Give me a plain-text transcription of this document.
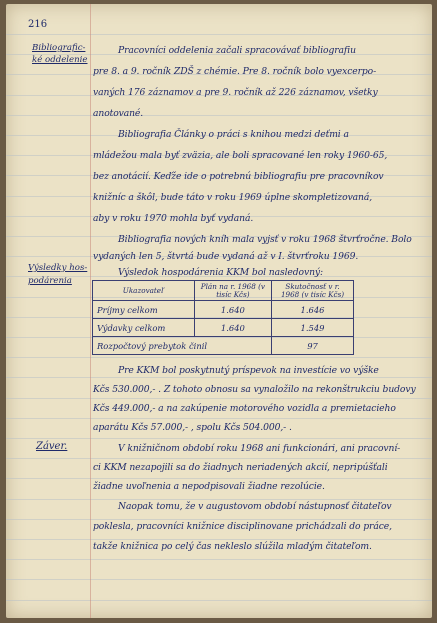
216
Bibliografic-
ké oddelenie
Pracovníci oddelenia začali spracovávať bibliografiu
pre 8. a 9. ročník ZDŠ z chémie. Pre 8. ročník bolo vyexcerpo-
vaných 176 záznamov a pre 9. ročník až 226 záznamov, všetky
anotované.
Bibliografia Články o práci s knihou medzi deťmi a
mládežou mala byť zväzia, ale boli spracované len roky 1960-65,
bez anotácií. Keďže ide o potrebnú bibliografiu pre pracovníkov
knižníc a škôl, bude táto v roku 1969 úplne skompletizovaná,
aby v roku 1970 mohla byť vydaná.
Bibliografia nových kníh mala vyjsť v roku 1968 štvrťročne. Bolo
vydaných len 5, štvrtá bude vydaná až v I. štvrťroku 1969.
Výsledky hos-
podárenia
Výsledok hospodárenia KKM bol nasledovný:
Ukazovateľ	Plán na r. 1968 (v tisíc Kčs)	Skutočnosť v r. 1968 (v tisíc Kčs)
Príjmy celkom	1.640	1.646
Výdavky celkom	1.640	1.549
Rozpočtový prebytok činil		97
Pre KKM bol poskytnutý príspevok na investície vo výške
Kčs 530.000,- . Z tohoto obnosu sa vynaložilo na rekonštrukciu budovy
Kčs 449.000,- a na zakúpenie motorového vozidla a premietacieho
aparátu Kčs 57.000,- , spolu Kčs 504.000,- .
Záver.	V knižničnom období roku 1968 ani funkcionári, ani pracovní-
ci KKM nezapojili sa do žiadnych neriadených akcií, nepripúšťali
žiadne uvoľnenia a nepodpisovali žiadne rezolúcie.
Naopak tomu, že v augustovom období nástupnosť čitateľov
poklesla, pracovníci knižnice disciplinovane prichádzali do práce,
takže knižnica po celý čas nekleslo slúžila mladým čitateľom.
